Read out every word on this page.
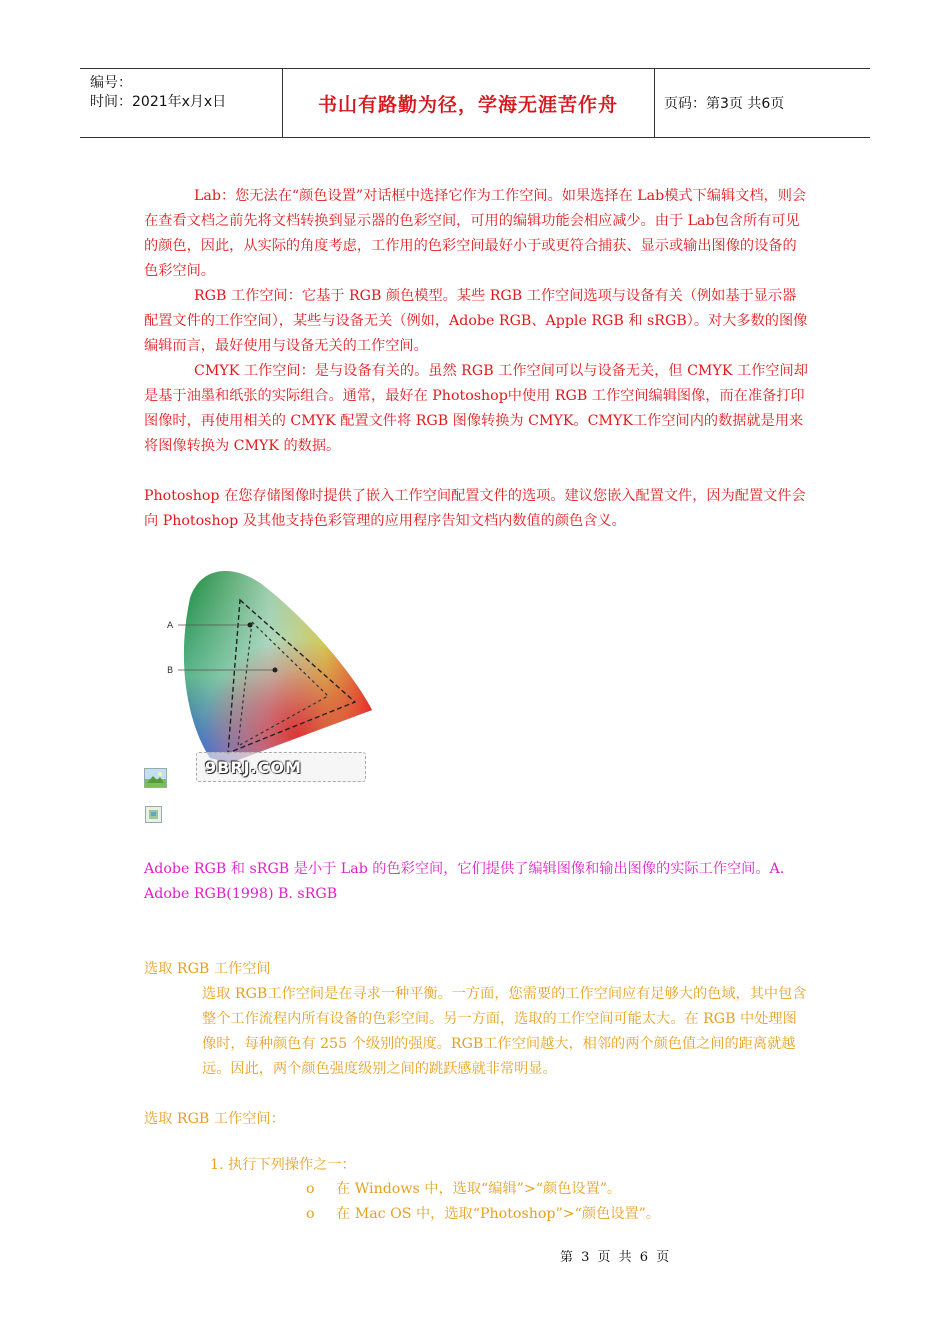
编号：
时间：2021年x月x日	书山有路勤为径，学海无涯苦作舟	页码：第3页 共6页

Lab：您无法在“颜色设置”对话框中选择它作为工作空间。如果选择在 Lab模式下编辑文档，则会在查看文档之前先将文档转换到显示器的色彩空间，可用的编辑功能会相应减少。由于 Lab包含所有可见的颜色，因此，从实际的角度考虑，工作用的色彩空间最好小于或更符合捕获、显示或输出图像的设备的色彩空间。

RGB 工作空间：它基于 RGB 颜色模型。某些 RGB 工作空间选项与设备有关（例如基于显示器配置文件的工作空间），某些与设备无关（例如，Adobe RGB、Apple RGB 和 sRGB）。对大多数的图像编辑而言，最好使用与设备无关的工作空间。

CMYK 工作空间：是与设备有关的。虽然 RGB 工作空间可以与设备无关，但 CMYK 工作空间却是基于油墨和纸张的实际组合。通常，最好在 Photoshop中使用 RGB 工作空间编辑图像，而在准备打印图像时，再使用相关的 CMYK 配置文件将 RGB 图像转换为 CMYK。CMYK工作空间内的数据就是用来将图像转换为 CMYK 的数据。

Photoshop 在您存储图像时提供了嵌入工作空间配置文件的选项。建议您嵌入配置文件，因为配置文件会向 Photoshop 及其他支持色彩管理的应用程序告知文档内数值的颜色含义。

A
B
9BRJ.COM

Adobe RGB 和 sRGB 是小于 Lab 的色彩空间，它们提供了编辑图像和输出图像的实际工作空间。A. Adobe RGB(1998) B. sRGB

选取 RGB 工作空间

选取 RGB工作空间是在寻求一种平衡。一方面，您需要的工作空间应有足够大的色域，其中包含整个工作流程内所有设备的色彩空间。另一方面，选取的工作空间可能太大。在 RGB 中处理图像时，每种颜色有 255 个级别的强度。RGB工作空间越大，相邻的两个颜色值之间的距离就越远。因此，两个颜色强度级别之间的跳跃感就非常明显。

选取 RGB 工作空间：

1. 执行下列操作之一：
o 在 Windows 中，选取“编辑”>“颜色设置”。
o 在 Mac OS 中，选取“Photoshop”>“颜色设置”。
第 3 页 共 6 页
